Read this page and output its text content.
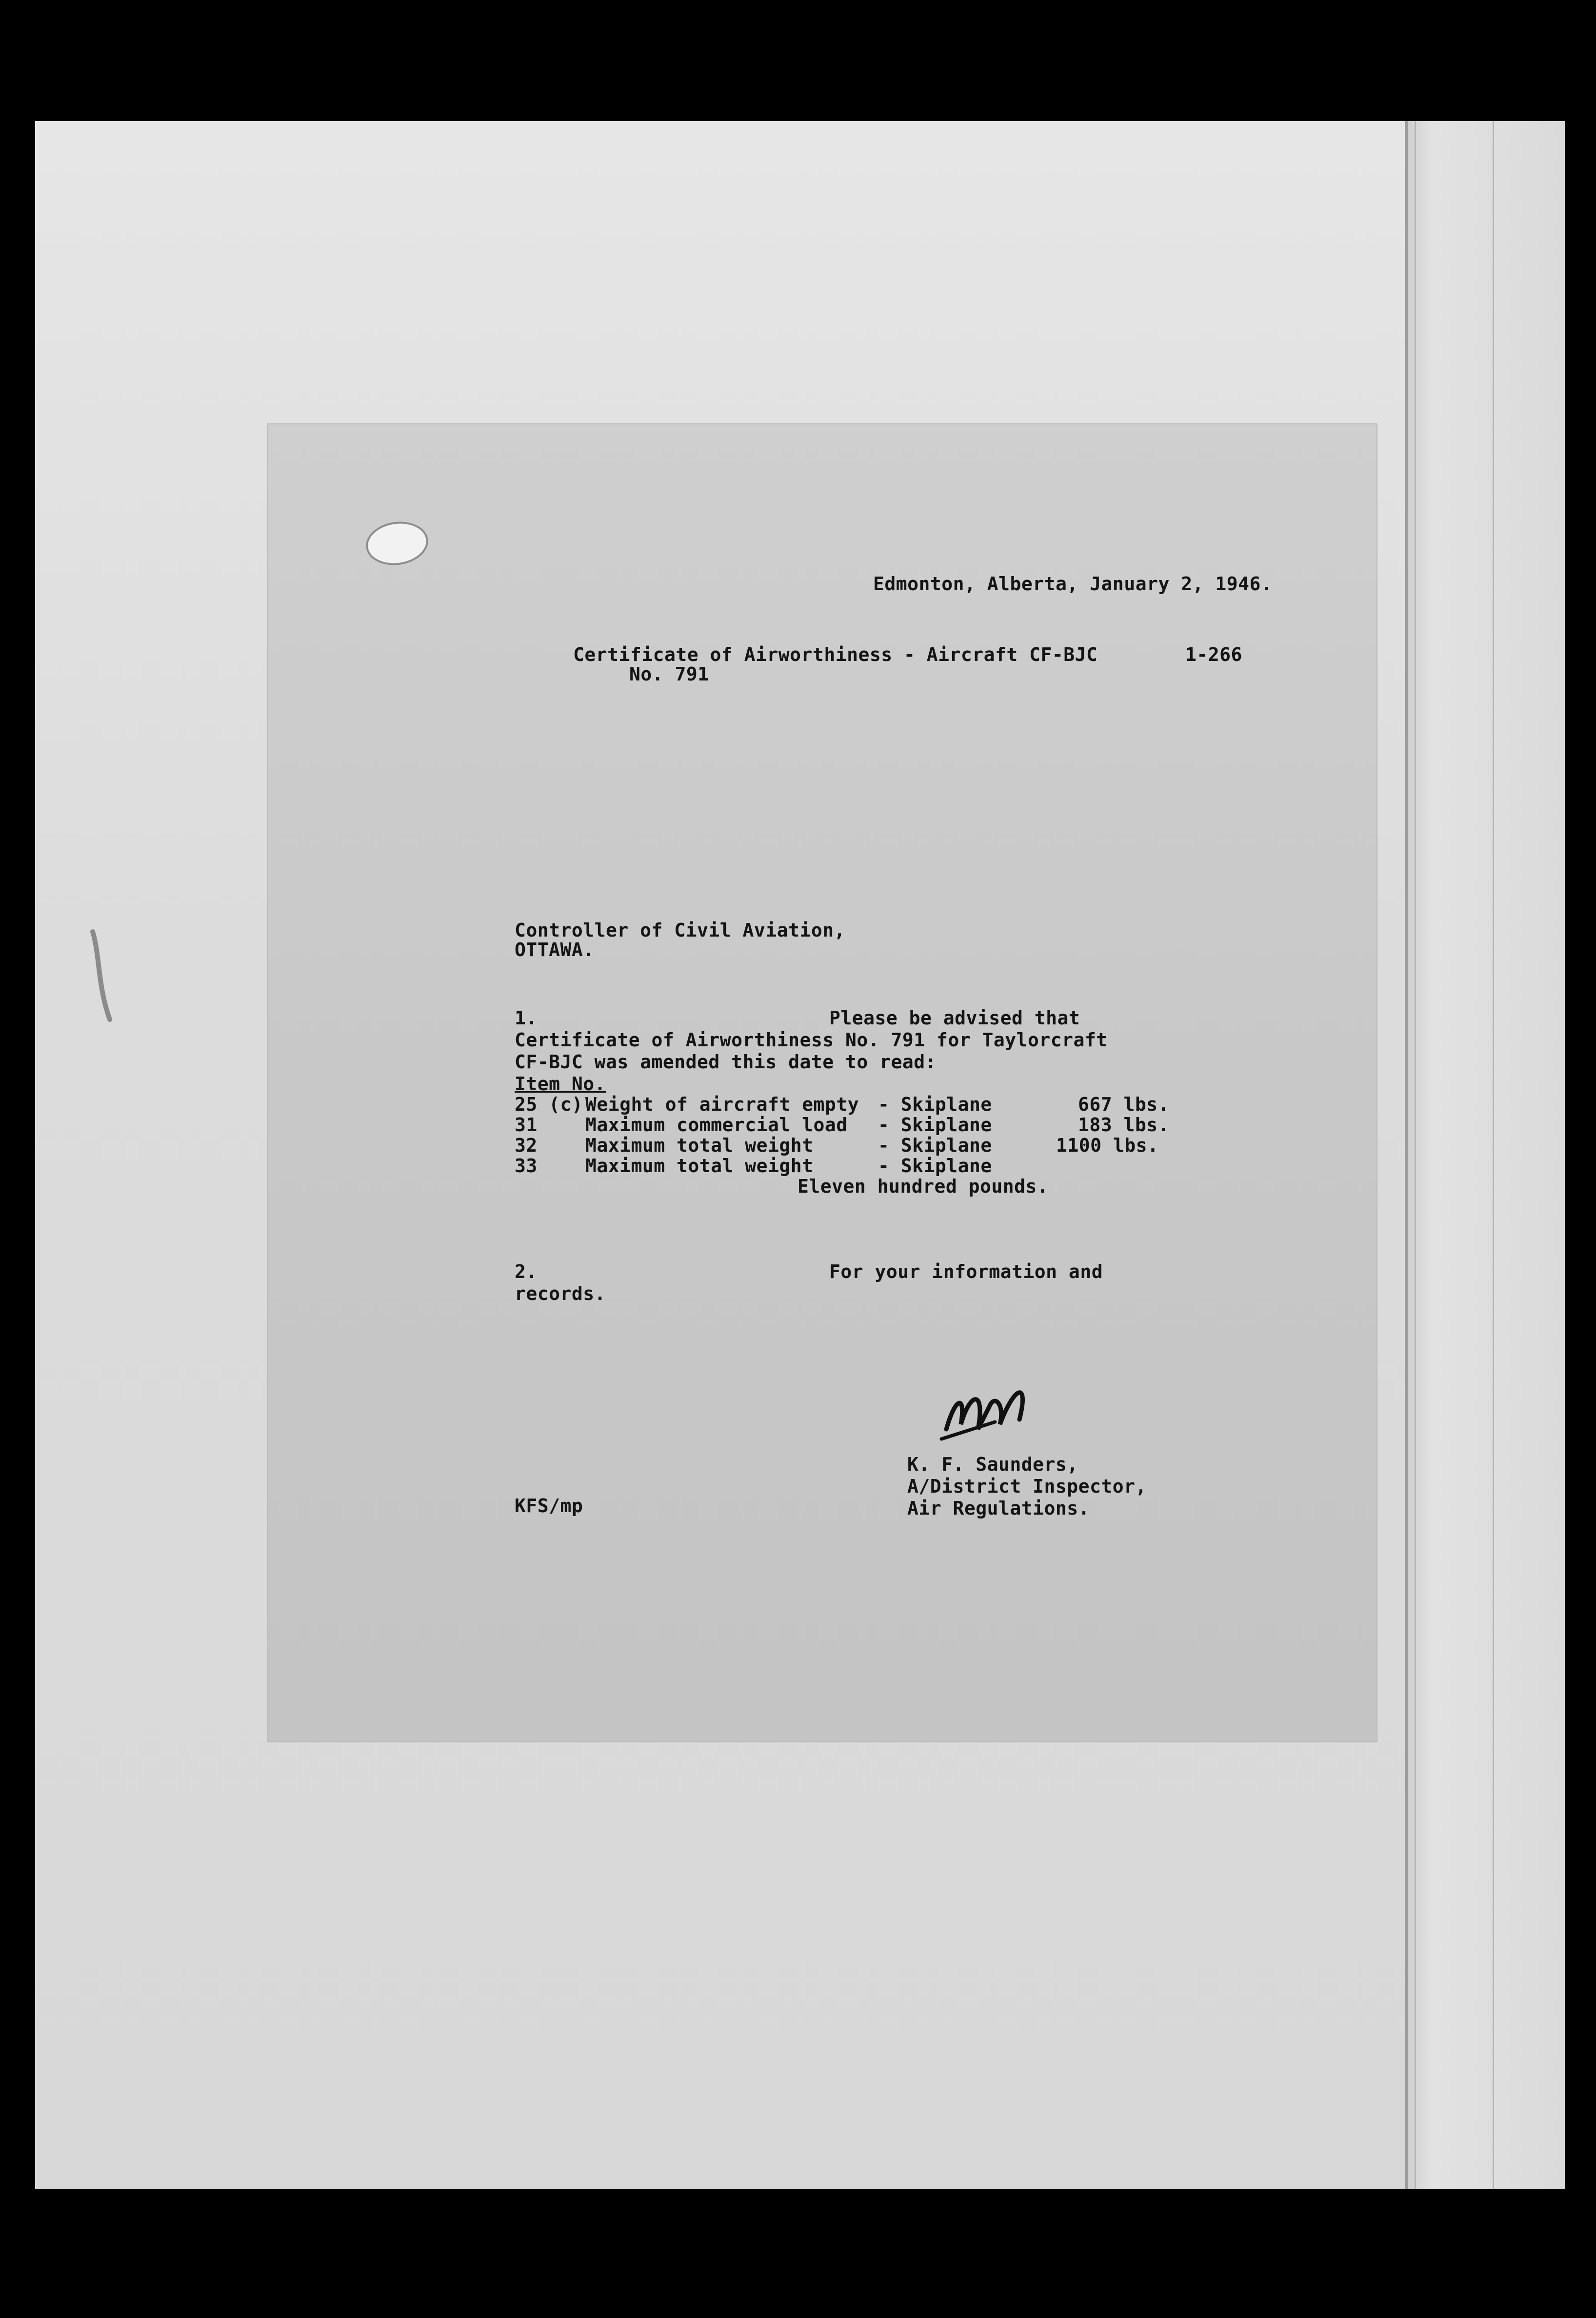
Edmonton, Alberta, January 2, 1946.
Certificate of Airworthiness - Aircraft CF-BJC	1-266
No. 791
Controller of Civil Aviation,
OTTAWA.
1.	Please be advised that
Certificate of Airworthiness No. 791 for Taylorcraft
CF-BJC was amended this date to read:
Item No.
25 (c) Weight of aircraft empty - Skiplane	667 lbs.
31	Maximum commercial load - Skiplane	183 lbs.
32	Maximum total weight	- Skiplane	1100 lbs.
33	Maximum total weight	- Skiplane
Eleven hundred pounds.
2.	For your information and
records.
K. F. Saunders,
A/District Inspector,
Air Regulations.
KFS/mp
